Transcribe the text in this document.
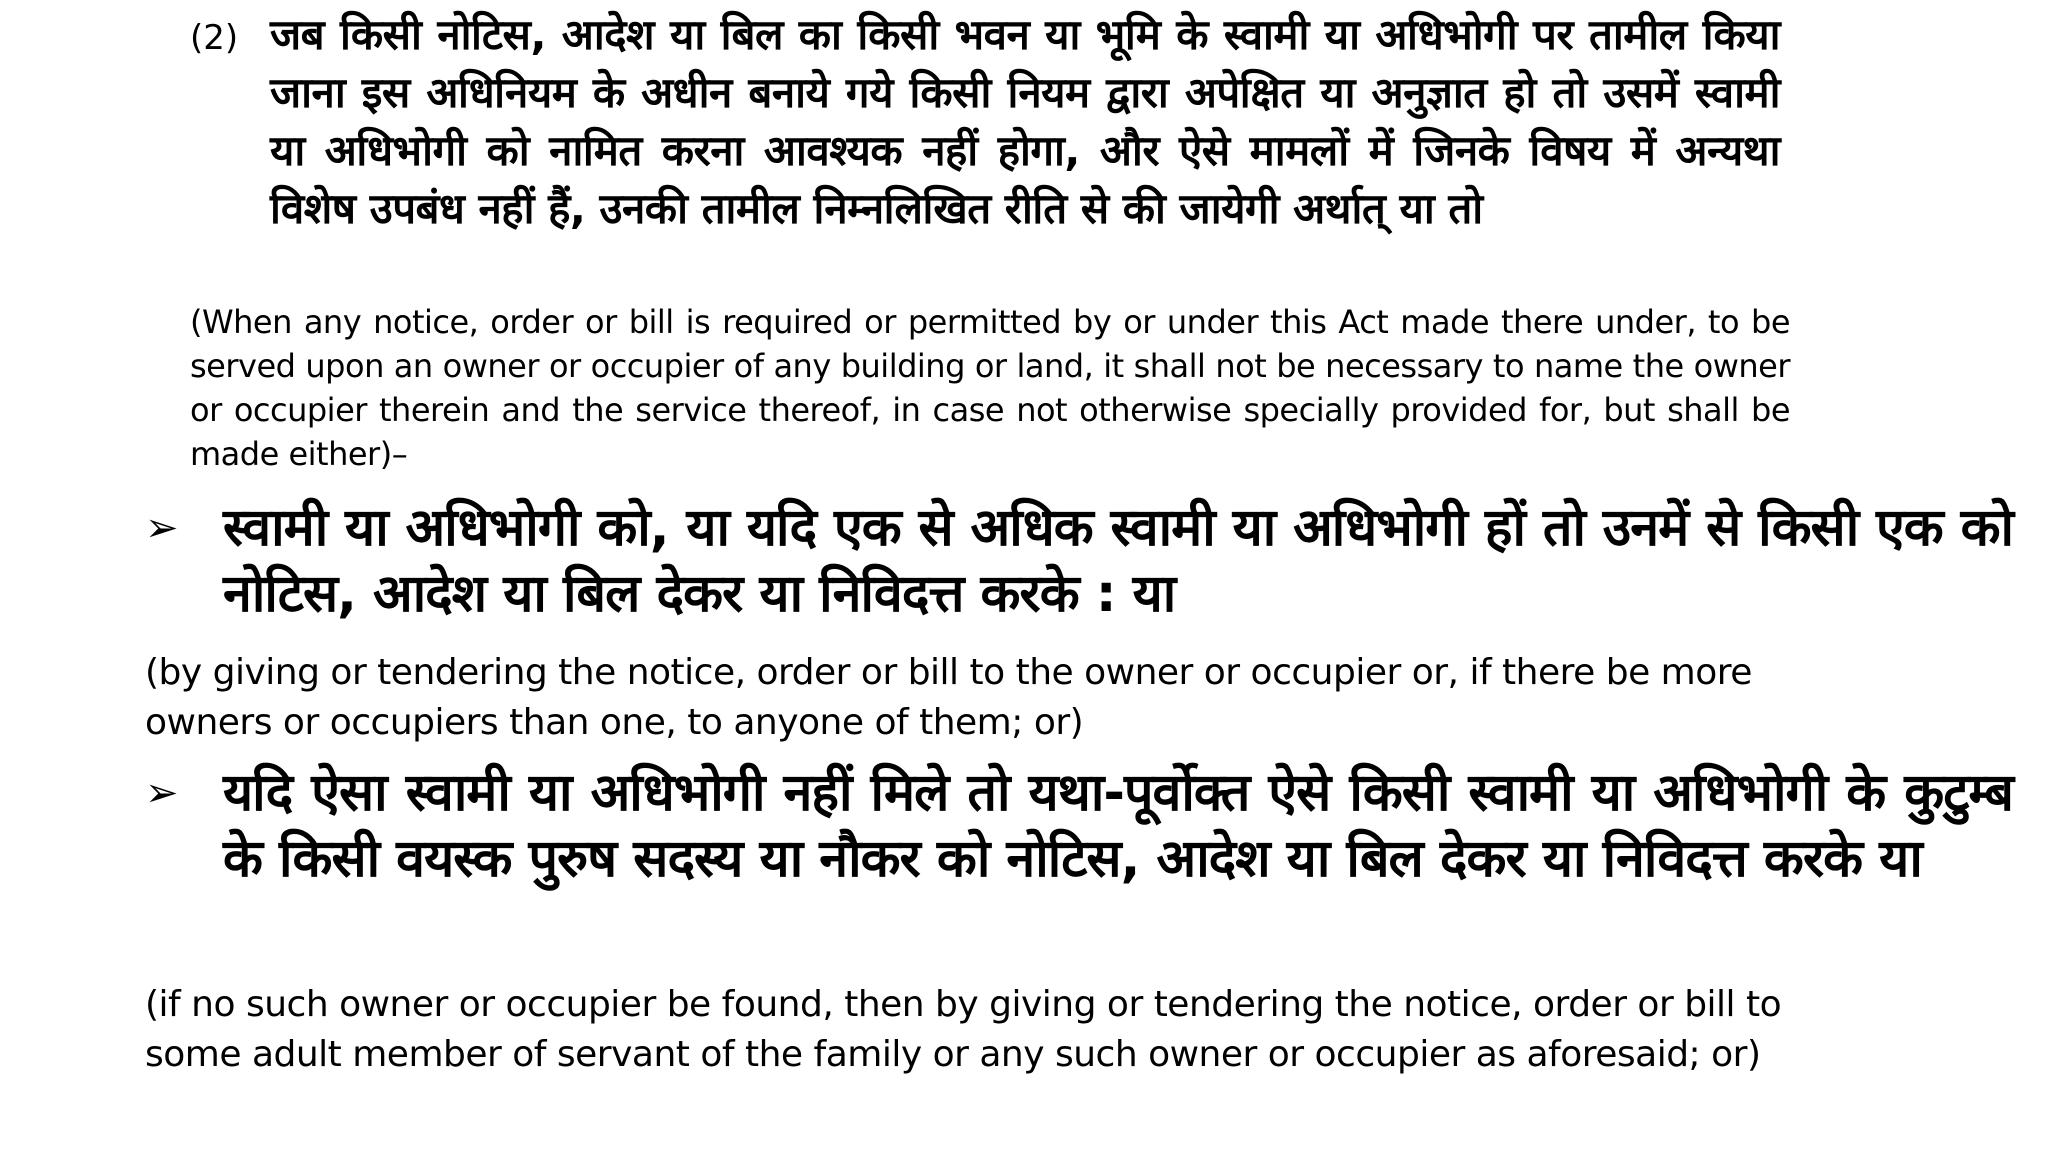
(2) जब किसी नोटिस, आदेश या बिल का किसी भवन या भूमि के स्वामी या अधिभोगी पर तामील किया जाना इस अधिनियम के अधीन बनाये गये किसी नियम द्वारा अपेक्षित या अनुज्ञात हो तो उसमें स्वामी या अधिभोगी को नामित करना आवश्यक नहीं होगा, और ऐसे मामलों में जिनके विषय में अन्यथा विशेष उपबंध नहीं हैं, उनकी तामील निम्नलिखित रीति से की जायेगी अर्थात् या तो
(When any notice, order or bill is required or permitted by or under this Act made there under, to be served upon an owner or occupier of any building or land, it shall not be necessary to name the owner or occupier therein and the service thereof, in case not otherwise specially provided for, but shall be made either)–
➢ स्वामी या अधिभोगी को, या यदि एक से अधिक स्वामी या अधिभोगी हों तो उनमें से किसी एक को नोटिस, आदेश या बिल देकर या निविदत्त करके : या
(by giving or tendering the notice, order or bill to the owner or occupier or, if there be more owners or occupiers than one, to anyone of them; or)
➢ यदि ऐसा स्वामी या अधिभोगी नहीं मिले तो यथा-पूर्वोक्त ऐसे किसी स्वामी या अधिभोगी के कुटुम्ब के किसी वयस्क पुरुष सदस्य या नौकर को नोटिस, आदेश या बिल देकर या निविदत्त करके या
(if no such owner or occupier be found, then by giving or tendering the notice, order or bill to some adult member of servant of the family or any such owner or occupier as aforesaid; or)
